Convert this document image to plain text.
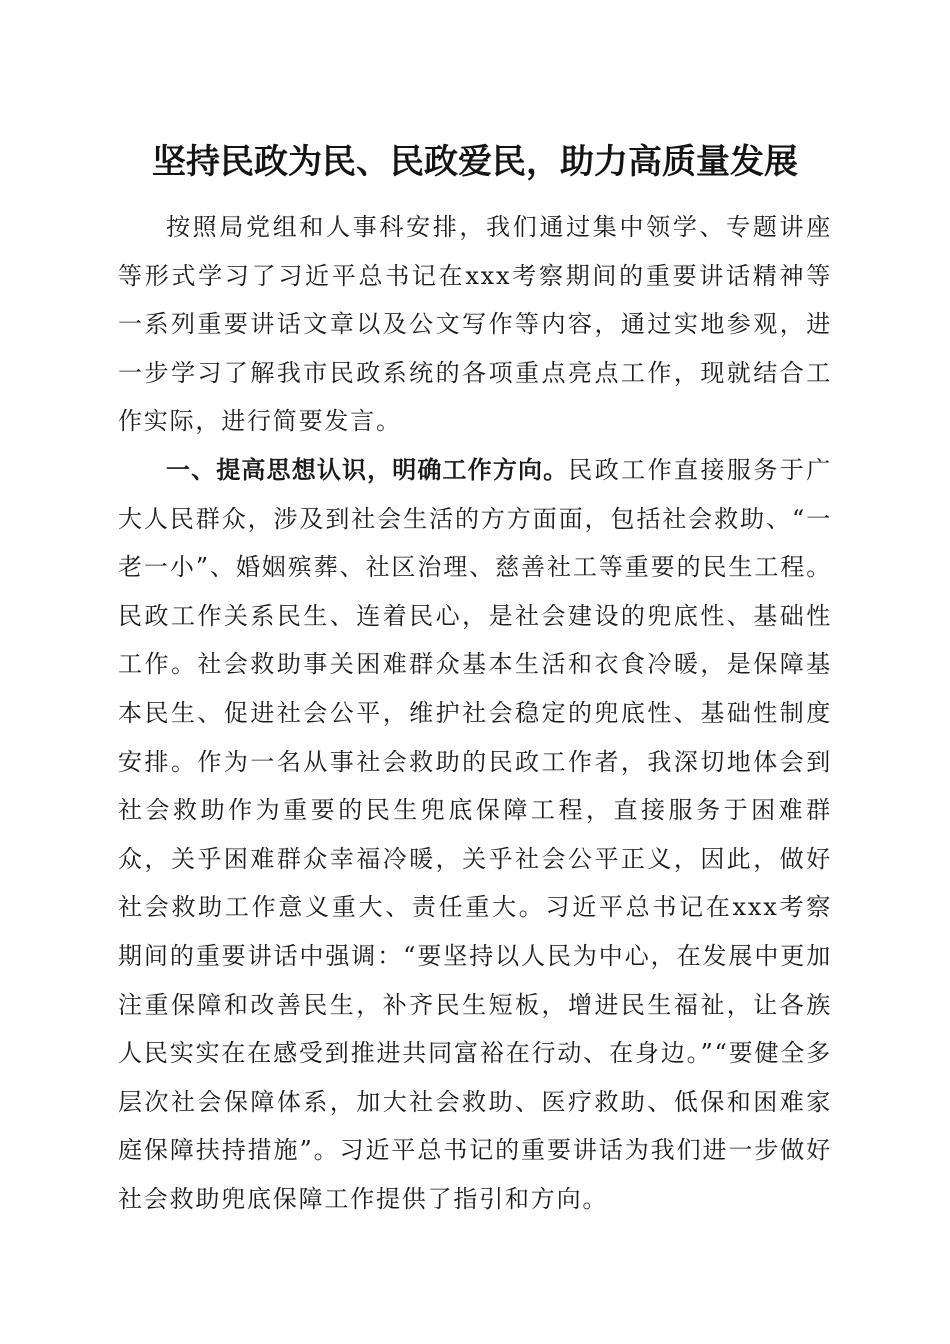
坚持民政为民、民政爱民，助力高质量发展

按照局党组和人事科安排，我们通过集中领学、专题讲座等形式学习了习近平总书记在xxx考察期间的重要讲话精神等一系列重要讲话文章以及公文写作等内容，通过实地参观，进一步学习了解我市民政系统的各项重点亮点工作，现就结合工作实际，进行简要发言。

一、提高思想认识，明确工作方向。民政工作直接服务于广大人民群众，涉及到社会生活的方方面面，包括社会救助、“一老一小”、婚姻殡葬、社区治理、慈善社工等重要的民生工程。民政工作关系民生、连着民心，是社会建设的兜底性、基础性工作。社会救助事关困难群众基本生活和衣食冷暖，是保障基本民生、促进社会公平，维护社会稳定的兜底性、基础性制度安排。作为一名从事社会救助的民政工作者，我深切地体会到社会救助作为重要的民生兜底保障工程，直接服务于困难群众，关乎困难群众幸福冷暖，关乎社会公平正义，因此，做好社会救助工作意义重大、责任重大。习近平总书记在xxx考察期间的重要讲话中强调：“要坚持以人民为中心，在发展中更加注重保障和改善民生，补齐民生短板，增进民生福祉，让各族人民实实在在感受到推进共同富裕在行动、在身边。”“要健全多层次社会保障体系，加大社会救助、医疗救助、低保和困难家庭保障扶持措施”。习近平总书记的重要讲话为我们进一步做好社会救助兜底保障工作提供了指引和方向。
